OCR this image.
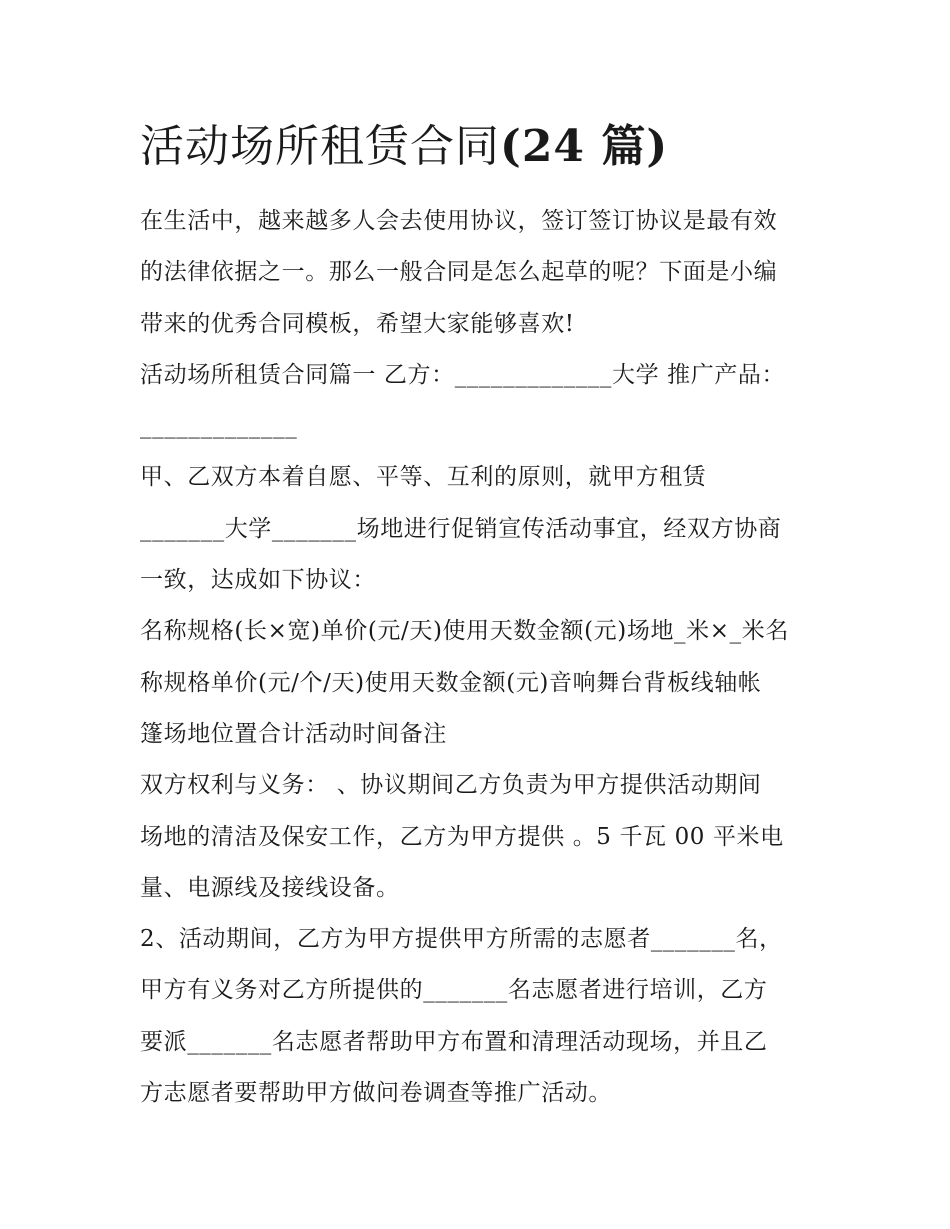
活动场所租赁合同(24 篇)

在生活中，越来越多人会去使用协议，签订签订协议是最有效
的法律依据之一。那么一般合同是怎么起草的呢？下面是小编
带来的优秀合同模板，希望大家能够喜欢!

活动场所租赁合同篇一 乙方：_____________大学 推广产品：
_____________

甲、乙双方本着自愿、平等、互利的原则，就甲方租赁
_______大学_______场地进行促销宣传活动事宜，经双方协商
一致，达成如下协议：

名称规格(长×宽)单价(元/天)使用天数金额(元)场地_米×_米名
称规格单价(元/个/天)使用天数金额(元)音响舞台背板线轴帐
篷场地位置合计活动时间备注

双方权利与义务： 、协议期间乙方负责为甲方提供活动期间
场地的清洁及保安工作，乙方为甲方提供 。5 千瓦 00 平米电
量、电源线及接线设备。

2、活动期间，乙方为甲方提供甲方所需的志愿者_______名，
甲方有义务对乙方所提供的_______名志愿者进行培训，乙方
要派_______名志愿者帮助甲方布置和清理活动现场，并且乙
方志愿者要帮助甲方做问卷调查等推广活动。
